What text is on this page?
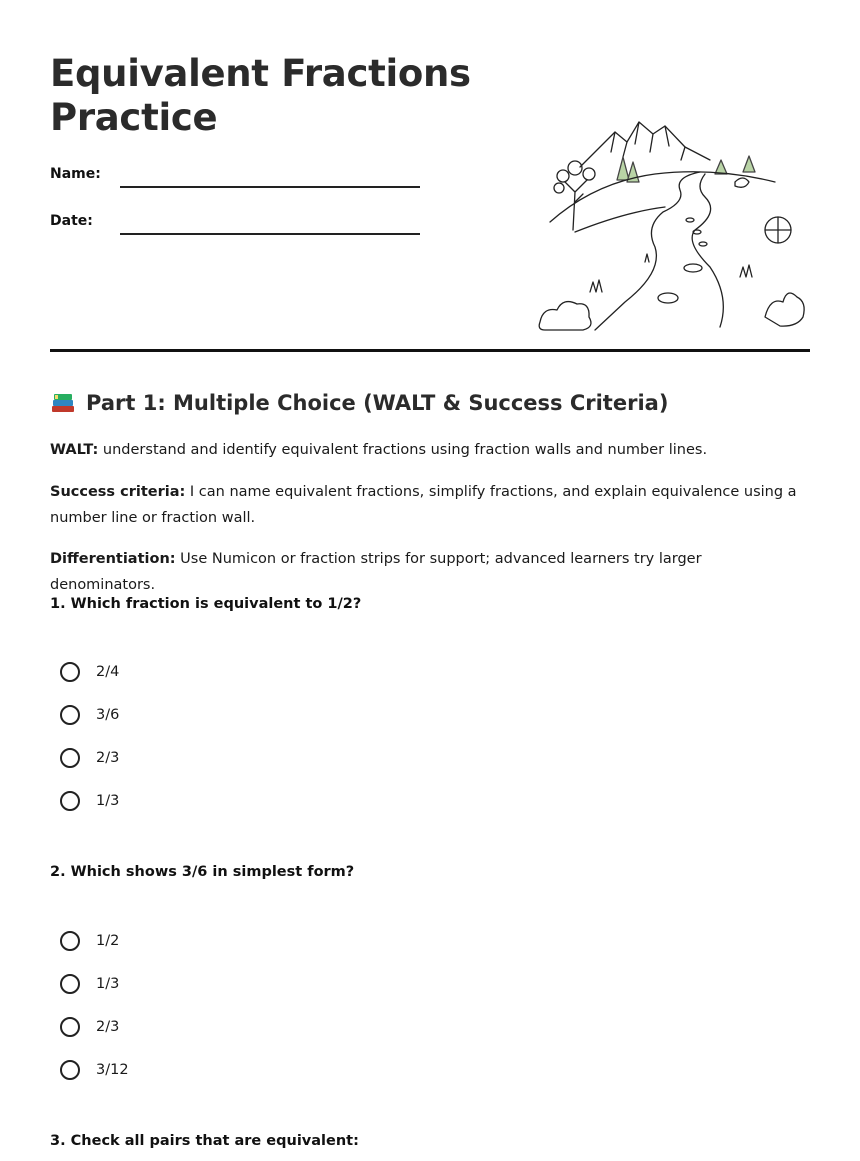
Equivalent Fractions Practice
Name:
Date:
Part 1: Multiple Choice (WALT & Success Criteria)
WALT: understand and identify equivalent fractions using fraction walls and number lines.
Success criteria: I can name equivalent fractions, simplify fractions, and explain equivalence using a number line or fraction wall.
Differentiation: Use Numicon or fraction strips for support; advanced learners try larger denominators.
1. Which fraction is equivalent to 1/2?
2/4
3/6
2/3
1/3
2. Which shows 3/6 in simplest form?
1/2
1/3
2/3
3/12
3. Check all pairs that are equivalent:
